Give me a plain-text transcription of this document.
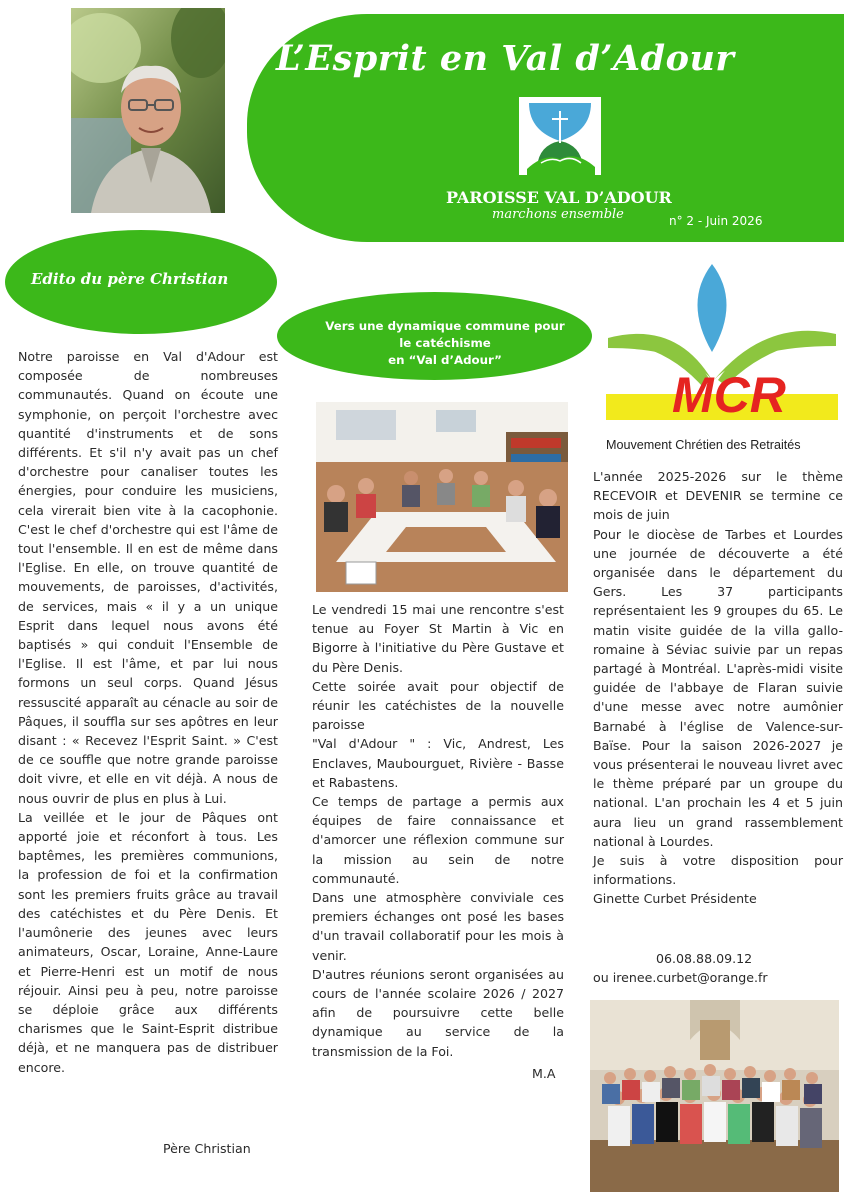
L’Esprit en Val d’Adour
PAROISSE VAL D’ADOUR
marchons ensemble	n° 2 - Juin 2026
Edito du père Christian

Notre paroisse en Val d'Adour est composée de nombreuses communautés. Quand on écoute une symphonie, on perçoit l'orchestre avec quantité d'instruments et de sons différents. Et s'il n'y avait pas un chef d'orchestre pour canaliser toutes les énergies, pour conduire les musiciens, cela virerait bien vite à la cacophonie. C'est le chef d'orchestre qui est l'âme de tout l'ensemble. Il en est de même dans l'Eglise. En elle, on trouve quantité de mouvements, de paroisses, d'activités, de services, mais « il y a un unique Esprit dans lequel nous avons été baptisés » qui conduit l'Ensemble de l'Eglise. Il est l'âme, et par lui nous formons un seul corps. Quand Jésus ressuscité apparaît au cénacle au soir de Pâques, il souffla sur ses apôtres en leur disant : « Recevez l'Esprit Saint. » C'est de ce souffle que notre grande paroisse doit vivre, et elle en vit déjà. A nous de nous ouvrir de plus en plus à Lui.

La veillée et le jour de Pâques ont apporté joie et réconfort à tous. Les baptêmes, les premières communions, la profession de foi et la confirmation sont les premiers fruits grâce au travail des catéchistes et du Père Denis. Et l'aumônerie des jeunes avec leurs animateurs, Oscar, Loraine, Anne-Laure et Pierre-Henri est un motif de nous réjouir. Ainsi peu à peu, notre paroisse se déploie grâce aux différents charismes que le Saint-Esprit distribue déjà, et ne manquera pas de distribuer encore.

Père Christian
Vers une dynamique commune pour
le catéchisme
en “Val d’Adour”

Le vendredi 15 mai une rencontre s'est tenue au Foyer St Martin à Vic en Bigorre à l'initiative du Père Gustave et du Père Denis.

Cette soirée avait pour objectif de réunir les catéchistes de la nouvelle paroisse

"Val d'Adour " : Vic, Andrest, Les Enclaves, Maubourguet, Rivière - Basse et Rabastens.

Ce temps de partage a permis aux équipes de faire connaissance et d'amorcer une réflexion commune sur la mission au sein de notre communauté.

Dans une atmosphère conviviale ces premiers échanges ont posé les bases d'un travail collaboratif pour les mois à venir.

D'autres réunions seront organisées au cours de l'année scolaire 2026 / 2027 afin de poursuivre cette belle dynamique au service de la transmission de la Foi.

M.A
MCR
Mouvement Chrétien des Retraités

L'année 2025-2026 sur le thème RECEVOIR et DEVENIR se termine ce mois de juin

Pour le diocèse de Tarbes et Lourdes une journée de découverte a été organisée dans le département du Gers. Les 37 participants représentaient les 9 groupes du 65. Le matin visite guidée de la villa gallo-romaine à Séviac suivie par un repas partagé à Montréal. L'après-midi visite guidée de l'abbaye de Flaran suivie d'une messe avec notre aumônier Barnabé à l'église de Valence-sur-Baïse. Pour la saison 2026-2027 je vous présenterai le nouveau livret avec le thème préparé par un groupe du national. L'an prochain les 4 et 5 juin aura lieu un grand rassemblement national à Lourdes.

Je suis à votre disposition pour informations.

Ginette Curbet Présidente

06.08.88.09.12
ou irenee.curbet@orange.fr
